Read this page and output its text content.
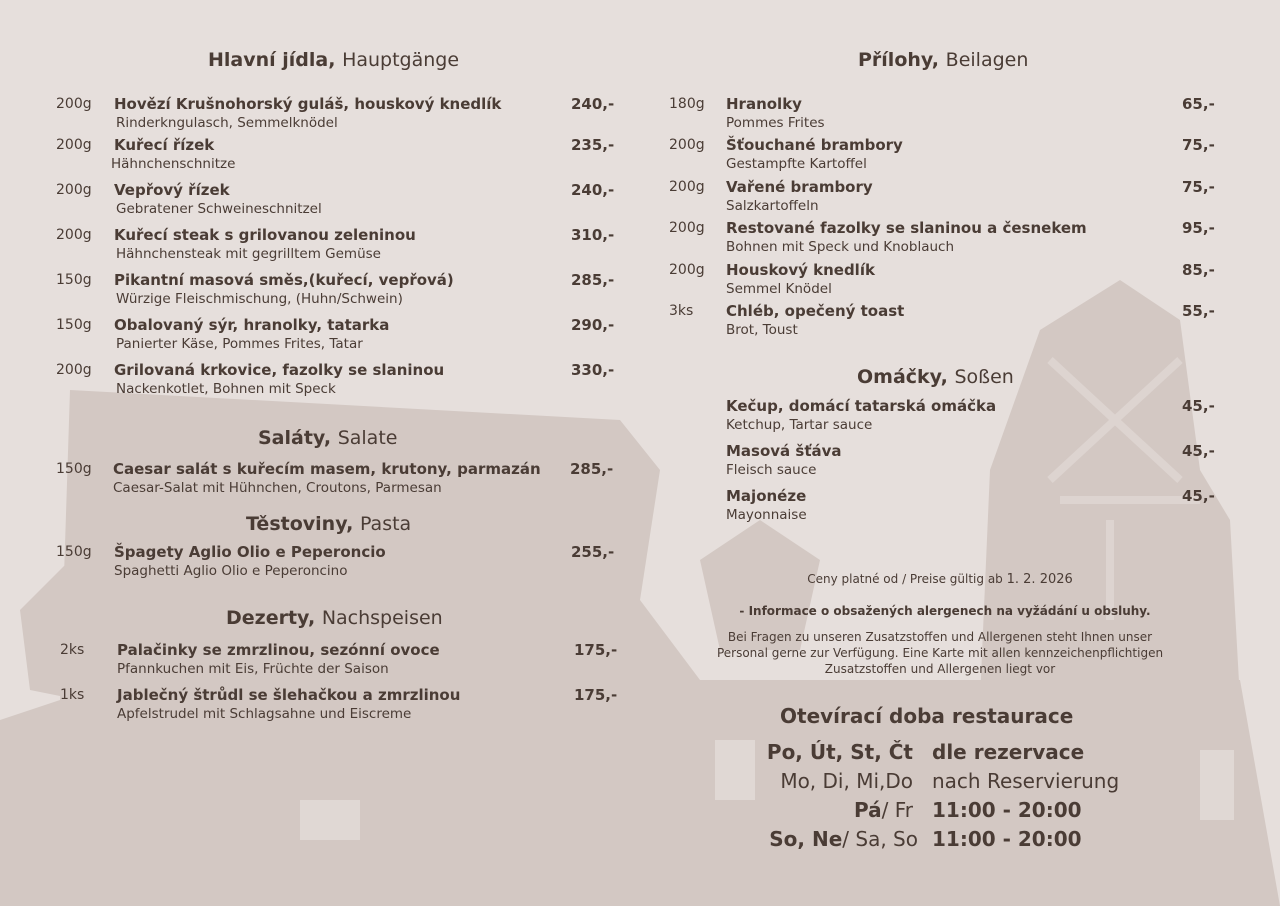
Hlavní jídla, Hauptgänge
200g Hovězí Krušnohorský guláš, houskový knedlík
Rinderkngulasch, Semmelknödel
240,-
200g Kuřecí řízek
Hähnchenschnitze
235,-
200g Vepřový řízek
Gebratener Schweineschnitzel
240,-
200g Kuřecí steak s grilovanou zeleninou
Hähnchensteak mit gegrilltem Gemüse
310,-
150g Pikantní masová směs,(kuřecí, vepřová)
Würzige Fleischmischung, (Huhn/Schwein)
285,-
150g Obalovaný sýr, hranolky, tatarka
Panierter Käse, Pommes Frites, Tatar
290,-
200g Grilovaná krkovice, fazolky se slaninou
Nackenkotlet, Bohnen mit Speck
330,-
Saláty, Salate
150g Caesar salát s kuřecím masem, krutony, parmazán
Caesar-Salat mit Hühnchen, Croutons, Parmesan
285,-
Těstoviny, Pasta
150g Špagety Aglio Olio e Peperoncio
Spaghetti Aglio Olio e Peperoncino
255,-
Dezerty, Nachspeisen
2ks Palačinky se zmrzlinou, sezónní ovoce
Pfannkuchen mit Eis, Früchte der Saison
175,-
1ks Jablečný štrůdl se šlehačkou a zmrzlinou
Apfelstrudel mit Schlagsahne und Eiscreme
175,-
Přílohy, Beilagen
180g Hranolky
Pommes Frites
65,-
200g Šťouchané brambory
Gestampfte Kartoffel
75,-
200g Vařené brambory
Salzkartoffeln
75,-
200g Restované fazolky se slaninou a česnekem
Bohnen mit Speck und Knoblauch
95,-
200g Houskový knedlík
Semmel Knödel
85,-
3ks Chléb, opečený toast
Brot, Toust
55,-
Omáčky, Soßen
Kečup, domácí tatarská omáčka
Ketchup, Tartar sauce
45,-
Masová šťáva
Fleisch sauce
45,-
Majonéze
Mayonnaise
45,-
Ceny platné od / Preise gültig ab 1. 2. 2026
- Informace o obsažených alergenech na vyžádání u obsluhy.
Bei Fragen zu unseren Zusatzstoffen und Allergenen steht Ihnen unser
Personal gerne zur Verfügung. Eine Karte mit allen kennzeichenpflichtigen
Zusatzstoffen und Allergenen liegt vor
Otevírací doba restaurace
Po, Út, St, Čt dle rezervace
Mo, Di, Mi,Do nach Reservierung
Pá/ Fr 11:00 - 20:00
So, Ne/ Sa, So 11:00 - 20:00
